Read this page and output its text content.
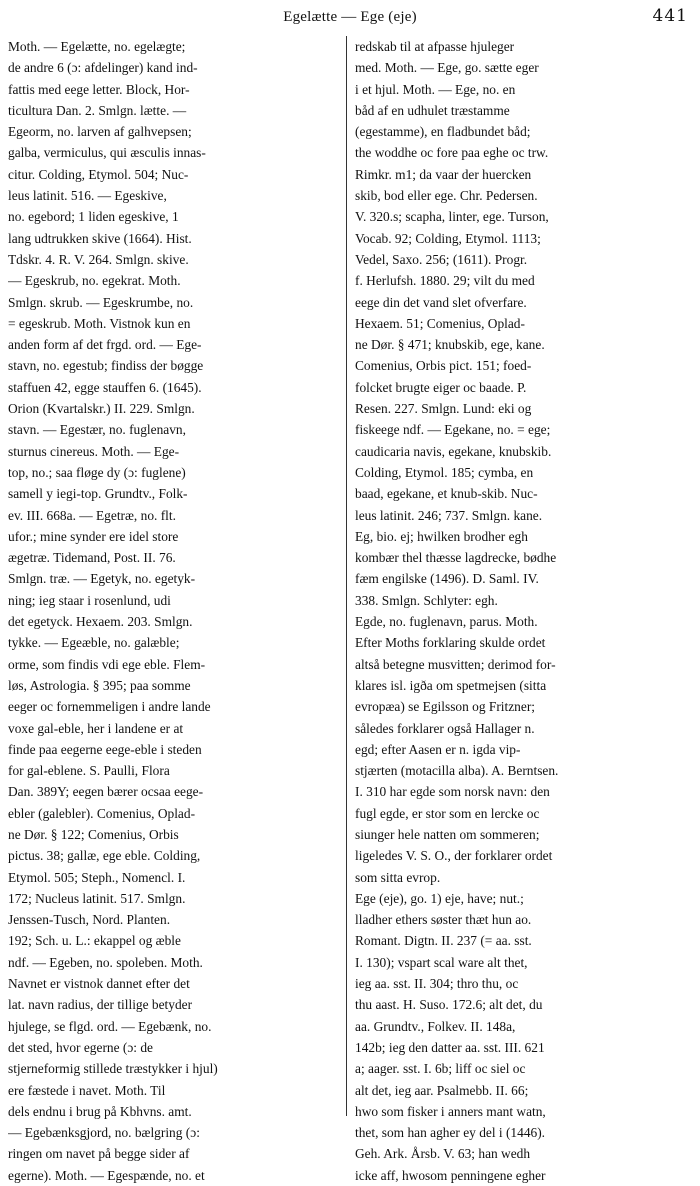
Egelætte — Ege (eje)	441
Moth. — Egelætte, no. egelægte;
de andre 6 (ɔ: afdelinger) kand ind-
fattis med eege letter. Block, Hor-
ticultura Dan. 2. Smlgn. lætte. —
Egeorm, no. larven af galhvepsen;
galba, vermiculus, qui æsculis innas-
citur. Colding, Etymol. 504; Nuc-
leus latinit. 516. — Egeskive,
no. egebord; 1 liden egeskive, 1
lang udtrukken skive (1664). Hist.
Tdskr. 4. R. V. 264. Smlgn. skive.
— Egeskrub, no. egekrat. Moth.
Smlgn. skrub. — Egeskrumbe, no.
= egeskrub. Moth. Vistnok kun en
anden form af det frgd. ord. — Ege-
stavn, no. egestub; findiss der bøgge
staffuen 42, egge stauffen 6. (1645).
Orion (Kvartalskr.) II. 229. Smlgn.
stavn. — Egestær, no. fuglenavn,
sturnus cinereus. Moth. — Ege-
top, no.; saa fløge dy (ɔ: fuglene)
samell y iegi-top. Grundtv., Folk-
ev. III. 668a. — Egetræ, no. flt.
ufor.; mine synder ere idel store
ægetræ. Tidemand, Post. II. 76.
Smlgn. træ. — Egetyk, no. egetyk-
ning; ieg staar i rosenlund, udi
det egetyck. Hexaem. 203. Smlgn.
tykke. — Egeæble, no. galæble;
orme, som findis vdi ege eble. Flem-
løs, Astrologia. § 395; paa somme
eeger oc fornemmeligen i andre lande
voxe gal-eble, her i landene er at
finde paa eegerne eege-eble i steden
for gal-eblene. S. Paulli, Flora
Dan. 389Y; eegen bærer ocsaa eege-
ebler (galebler). Comenius, Oplad-
ne Dør. § 122; Comenius, Orbis
pictus. 38; gallæ, ege eble. Colding,
Etymol. 505; Steph., Nomencl. I.
172; Nucleus latinit. 517. Smlgn.
Jenssen-Tusch, Nord. Planten.
192; Sch. u. L.: ekappel og æble
ndf. — Egeben, no. spoleben. Moth.
Navnet er vistnok dannet efter det
lat. navn radius, der tillige betyder
hjulege, se flgd. ord. — Egebænk, no.
det sted, hvor egerne (ɔ: de
stjerneformig stillede træstykker i hjul)
ere fæstede i navet. Moth. Til
dels endnu i brug på Kbhvns. amt.
— Egebænksgjord, no. bælgring (ɔ:
ringen om navet på begge sider af
egerne). Moth. — Egespænde, no. et
redskab til at afpasse hjuleger
med. Moth. — Ege, go. sætte eger
i et hjul. Moth. — Ege, no. en
båd af en udhulet træstamme
(egestamme), en fladbundet båd;
the woddhe oc fore paa eghe oc trw.
Rimkr. m1; da vaar der huercken
skib, bod eller ege. Chr. Pedersen.
V. 320.s; scapha, linter, ege. Turson,
Vocab. 92; Colding, Etymol. 1113;
Vedel, Saxo. 256; (1611). Progr.
f. Herlufsh. 1880. 29; vilt du med
eege din det vand slet ofverfare.
Hexaem. 51; Comenius, Oplad-
ne Dør. § 471; knubskib, ege, kane.
Comenius, Orbis pict. 151; foed-
folcket brugte eiger oc baade. P.
Resen. 227. Smlgn. Lund: eki og
fiskeege ndf. — Egekane, no. = ege;
caudicaria navis, egekane, knubskib.
Colding, Etymol. 185; cymba, en
baad, egekane, et knub-skib. Nuc-
leus latinit. 246; 737. Smlgn. kane.
Eg, bio. ej; hwilken brodher egh
kombær thel thæsse lagdrecke, bødhe
fæm engilske (1496). D. Saml. IV.
338. Smlgn. Schlyter: egh.
Egde, no. fuglenavn, parus. Moth.
Efter Moths forklaring skulde ordet
altså betegne musvitten; derimod for-
klares isl. igða om spetmejsen (sitta
evropæa) se Egilsson og Fritzner;
således forklarer også Hallager n.
egd; efter Aasen er n. igda vip-
stjærten (motacilla alba). A. Berntsen.
I. 310 har egde som norsk navn: den
fugl egde, er stor som en lercke oc
siunger hele natten om sommeren;
ligeledes V. S. O., der forklarer ordet
som sitta evrop.
Ege (eje), go. 1) eje, have; nut.;
lladher ethers søster thæt hun ao.
Romant. Digtn. II. 237 (= aa. sst.
I. 130); vspart scal ware alt thet,
ieg aa. sst. II. 304; thro thu, oc
thu aast. H. Suso. 172.6; alt det, du
aa. Grundtv., Folkev. II. 148a,
142b; ieg den datter aa. sst. III. 621
a; aager. sst. I. 6b; liff oc siel oc
alt det, ieg aar. Psalmebb. II. 66;
hwo som fisker i anners mant watn,
thet, som han agher ey del i (1446).
Geh. Ark. Årsb. V. 63; han wedh
icke aff, hwosom penningene egher
